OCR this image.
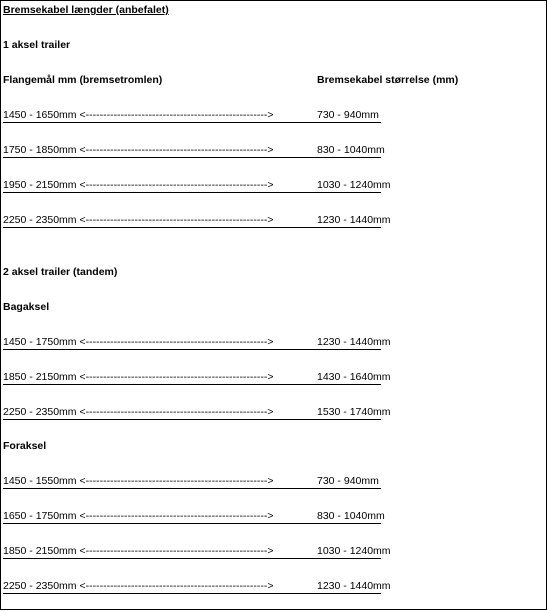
Bremsekabel længder (anbefalet)
1 aksel trailer
Flangemål mm (bremsetromlen)	Bremsekabel størrelse (mm)
1450 - 1650mm <---------------------------------------------------->	730 - 940mm
1750 - 1850mm <---------------------------------------------------->	830 - 1040mm
1950 - 2150mm <---------------------------------------------------->	1030 - 1240mm
2250 - 2350mm <---------------------------------------------------->	1230 - 1440mm
2 aksel trailer (tandem)
Bagaksel
1450 - 1750mm <---------------------------------------------------->	1230 - 1440mm
1850 - 2150mm <---------------------------------------------------->	1430 - 1640mm
2250 - 2350mm <---------------------------------------------------->	1530 - 1740mm
Foraksel
1450 - 1550mm <---------------------------------------------------->	730 - 940mm
1650 - 1750mm <---------------------------------------------------->	830 - 1040mm
1850 - 2150mm <---------------------------------------------------->	1030 - 1240mm
2250 - 2350mm <---------------------------------------------------->	1230 - 1440mm
